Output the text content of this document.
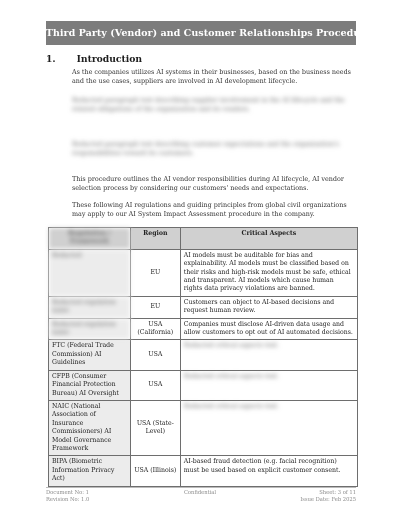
AI Third Party (Vendor) and Customer Relationships Procedure
1. Introduction
As the companies utilizes AI systems in their businesses, based on the business needs and the use cases, suppliers are involved in AI development lifecycle.
Redacted paragraph text describing supplier involvement in the AI lifecycle and the related obligations of the organization and its vendors.
Redacted paragraph text describing customer expectations and the organization's responsibilities toward its customers.
This procedure outlines the AI vendor responsibilities during AI lifecycle, AI vendor selection process by considering our customers' needs and expectations.
These following AI regulations and guiding principles from global civil organizations may apply to our AI System Impact Assessment procedure in the company.
Regulation / Framework	Region	Critical Aspects
Redacted	EU	AI models must be auditable for bias and explainability. AI models must be classified based on their risks and high-risk models must be safe, ethical and transparent. AI models which cause human rights data privacy violations are banned.
Redacted regulation name	EU	Customers can object to AI-based decisions and request human review.
Redacted regulation name	USA (California)	Companies must disclose AI-driven data usage and allow customers to opt out of AI automated decisions.
FTC (Federal Trade Commission) AI Guidelines	USA	Redacted critical aspects text.
CFPB (Consumer Financial Protection Bureau) AI Oversight	USA	Redacted critical aspects text.
NAIC (National Association of Insurance Commissioners) AI Model Governance Framework	USA (State-Level)	Redacted critical aspects text.
BIPA (Biometric Information Privacy Act)	USA (Illinois)	AI-based fraud detection (e.g. facial recognition) must be used based on explicit customer consent.
Document No: 1
Revision No: 1.0
Confidential	Sheet: 3 of 11
Issue Date: Feb 2025
